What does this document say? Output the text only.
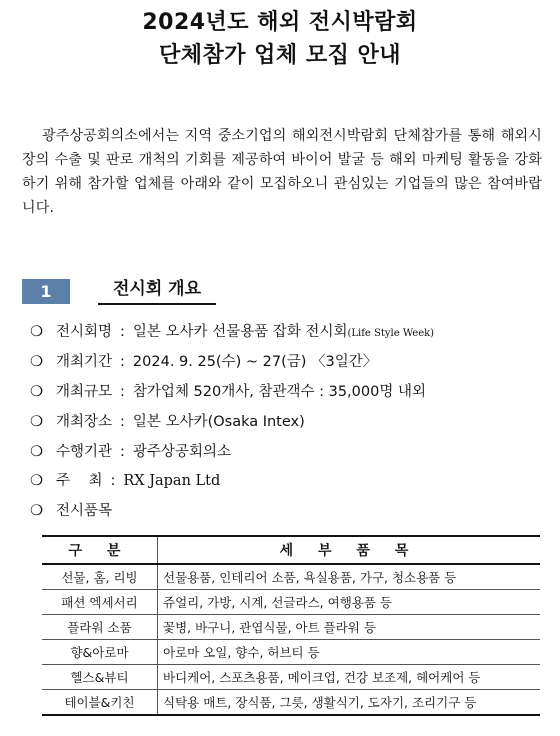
2024년도 해외 전시박람회
단체참가 업체 모집 안내
광주상공회의소에서는 지역 중소기업의 해외전시박람회 단체참가를 통해 해외시장의 수출 및 판로 개척의 기회를 제공하여 바이어 발굴 등 해외 마케팅 활동을 강화하기 위해 참가할 업체를 아래와 같이 모집하오니 관심있는 기업들의 많은 참여바랍니다.
1	전시회 개요
❍ 전시회명 : 일본 오사카 선물용품 잡화 전시회(Life Style Week)
❍ 개최기간 : 2024. 9. 25(수) ~ 27(금) 〈3일간〉
❍ 개최규모 : 참가업체 520개사, 참관객수 : 35,000명 내외
❍ 개최장소 : 일본 오사카(Osaka Intex)
❍ 수행기관 : 광주상공회의소
❍ 주    최 : RX Japan Ltd
❍ 전시품목
구 분	세 부 품 목
선물, 홈, 리빙	선물용품, 인테리어 소품, 욕실용품, 가구, 청소용품 등
패션 엑세서리	쥬얼리, 가방, 시계, 선글라스, 여행용품 등
플라워 소품	꽃병, 바구니, 관엽식물, 아트 플라워 등
향&아로마	아로마 오일, 향수, 허브티 등
헬스&뷰티	바디케어, 스포츠용품, 메이크업, 건강 보조제, 헤어케어 등
테이블&키친	식탁용 매트, 장식품, 그릇, 생활식기, 도자기, 조리기구 등
